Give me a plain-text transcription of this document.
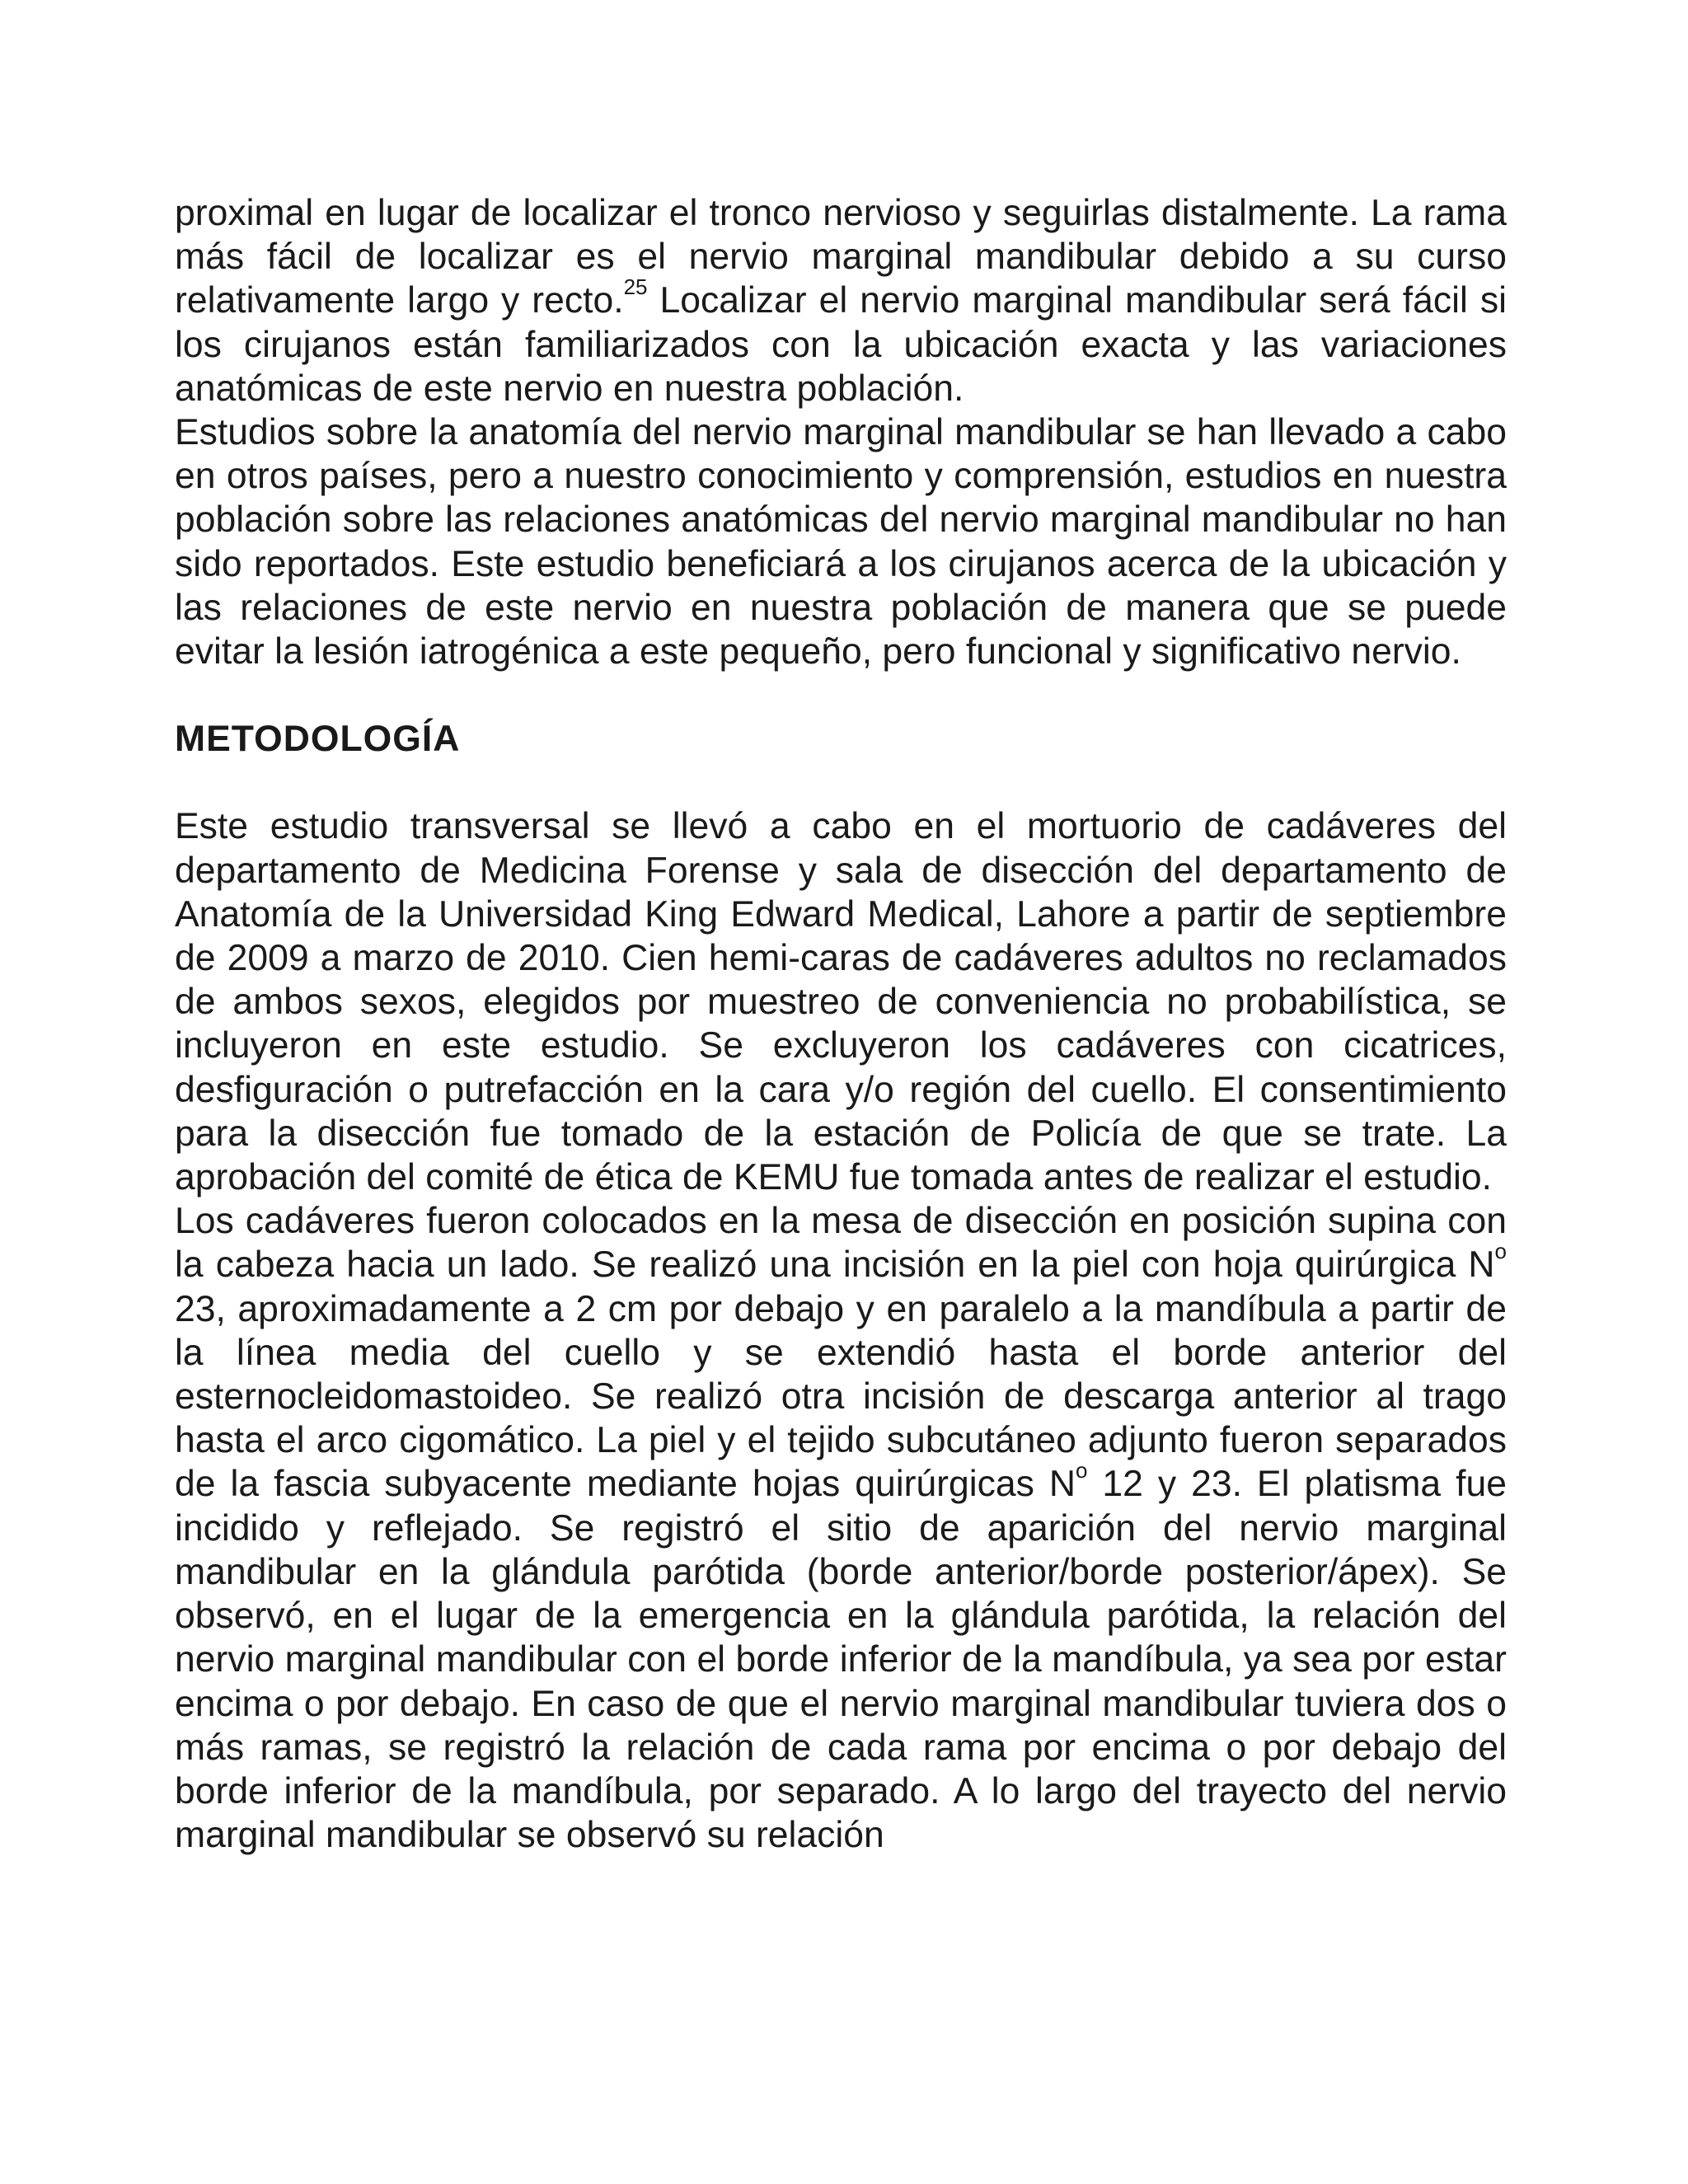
proximal en lugar de localizar el tronco nervioso y seguirlas distalmente. La rama más fácil de localizar es el nervio marginal mandibular debido a su curso relativamente largo y recto.$^{25}$ Localizar el nervio marginal mandibular será fácil si los cirujanos están familiarizados con la ubicación exacta y las variaciones anatómicas de este nervio en nuestra población.

Estudios sobre la anatomía del nervio marginal mandibular se han llevado a cabo en otros países, pero a nuestro conocimiento y comprensión, estudios en nuestra población sobre las relaciones anatómicas del nervio marginal mandibular no han sido reportados. Este estudio beneficiará a los cirujanos acerca de la ubicación y las relaciones de este nervio en nuestra población de manera que se puede evitar la lesión iatrogénica a este pequeño, pero funcional y significativo nervio.

METODOLOGÍA

Este estudio transversal se llevó a cabo en el mortuorio de cadáveres del departamento de Medicina Forense y sala de disección del departamento de Anatomía de la Universidad King Edward Medical, Lahore a partir de septiembre de 2009 a marzo de 2010. Cien hemi-caras de cadáveres adultos no reclamados de ambos sexos, elegidos por muestreo de conveniencia no probabilística, se incluyeron en este estudio. Se excluyeron los cadáveres con cicatrices, desfiguración o putrefacción en la cara y/o región del cuello. El consentimiento para la disección fue tomado de la estación de Policía de que se trate. La aprobación del comité de ética de KEMU fue tomada antes de realizar el estudio.

Los cadáveres fueron colocados en la mesa de disección en posición supina con la cabeza hacia un lado. Se realizó una incisión en la piel con hoja quirúrgica $N^o$ 23, aproximadamente a 2 cm por debajo y en paralelo a la mandíbula a partir de la línea media del cuello y se extendió hasta el borde anterior del esternocleidomastoideo. Se realizó otra incisión de descarga anterior al trago hasta el arco cigomático. La piel y el tejido subcutáneo adjunto fueron separados de la fascia subyacente mediante hojas quirúrgicas $N^o$ 12 y 23. El platisma fue incidido y reflejado. Se registró el sitio de aparición del nervio marginal mandibular en la glándula parótida (borde anterior/borde posterior/ápex). Se observó, en el lugar de la emergencia en la glándula parótida, la relación del nervio marginal mandibular con el borde inferior de la mandíbula, ya sea por estar encima o por debajo. En caso de que el nervio marginal mandibular tuviera dos o más ramas, se registró la relación de cada rama por encima o por debajo del borde inferior de la mandíbula, por separado. A lo largo del trayecto del nervio marginal mandibular se observó su relación
